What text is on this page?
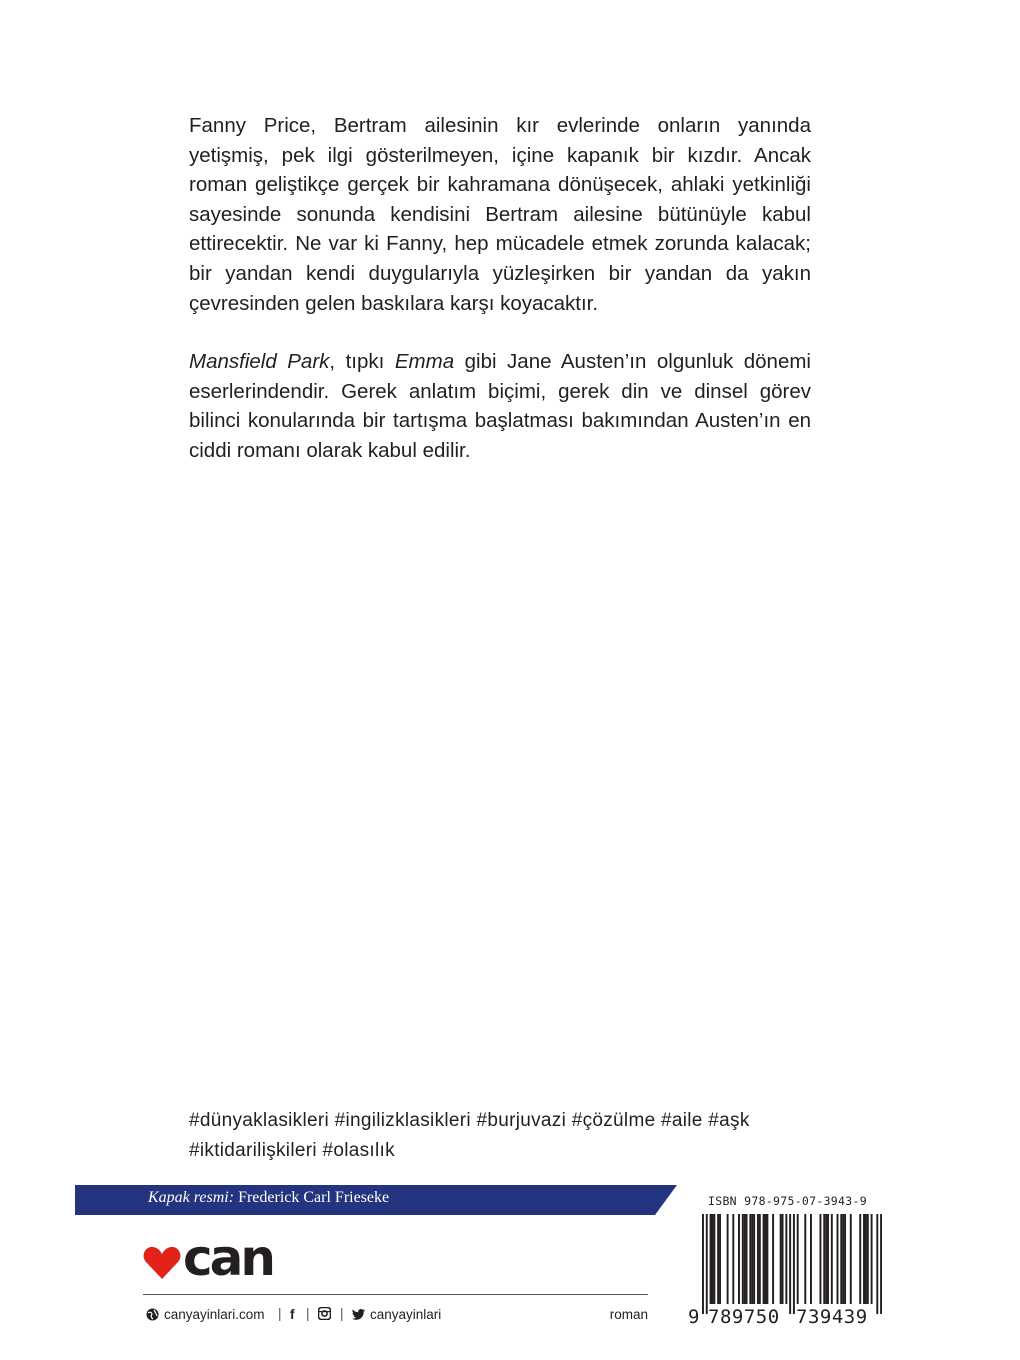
Fanny Price, Bertram ailesinin kır evlerinde onların yanında yetişmiş, pek ilgi gösterilmeyen, içine kapanık bir kızdır. Ancak roman geliştikçe gerçek bir kahramana dönüşecek, ahlaki yetkinliği sayesinde sonunda kendisini Bertram ailesine bütünüyle kabul ettirecektir. Ne var ki Fanny, hep mücadele etmek zorunda kalacak; bir yandan kendi duygularıyla yüzleşirken bir yandan da yakın çevresinden gelen baskılara karşı koyacaktır.

Mansfield Park, tıpkı Emma gibi Jane Austen’ın olgunluk dönemi eserlerindendir. Gerek anlatım biçimi, gerek din ve dinsel görev bilinci konularında bir tartışma başlatması bakımından Austen’ın en ciddi romanı olarak kabul edilir.

#dünyaklasikleri #ingilizklasikleri #burjuvazi #çözülme #aile #aşk
#iktidarilişkileri #olasılık
Kapak resmi: Frederick Carl Frieseke
can
canyayinlari.com | f | | canyayinlari	roman
ISBN 978-975-07-3943-9
9 789750 739439
